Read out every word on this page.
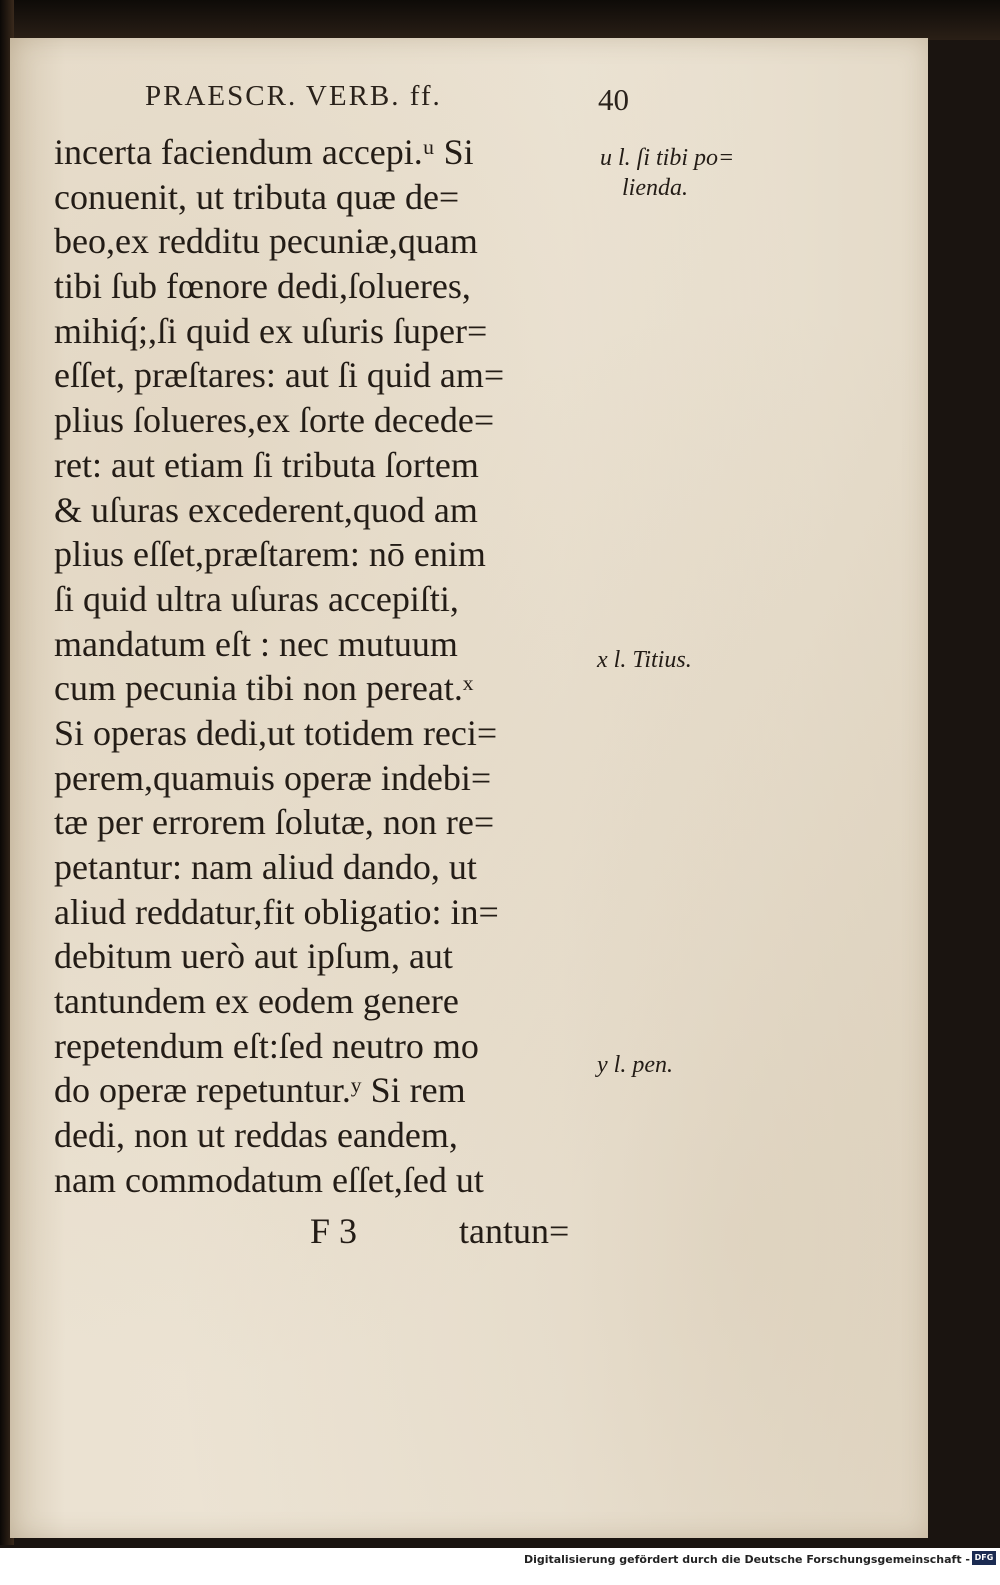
PRAESCR. VERB. ff.	40
incerta faciendum accepi.ᵘ Si
conuenit, ut tributa quæ de=
beo,ex redditu pecuniæ,quam
tibi ſub fœnore dedi,ſolueres,
mihiq́;,ſi quid ex uſuris ſuper=
eſſet, præſtares: aut ſi quid am=
plius ſolueres,ex ſorte decede=
ret: aut etiam ſi tributa ſortem
& uſuras excederent,quod am
plius eſſet,præſtarem: nō enim
ſi quid ultra uſuras accepiſti,
mandatum eſt : nec mutuum
cum pecunia tibi non pereat.ˣ
Si operas dedi,ut totidem reci=
perem,quamuis operæ indebi=
tæ per errorem ſolutæ, non re=
petantur: nam aliud dando, ut
aliud reddatur,fit obligatio: in=
debitum uerò aut ipſum, aut
tantundem ex eodem genere
repetendum eſt:ſed neutro mo
do operæ repetuntur.ʸ Si rem
dedi, non ut reddas eandem,
nam commodatum eſſet,ſed ut
u l. ſi tibi po=
lienda.
x l. Titius.
y l. pen.
F 3	tantun=
Digitalisierung gefördert durch die Deutsche Forschungsgemeinschaft - DFG
